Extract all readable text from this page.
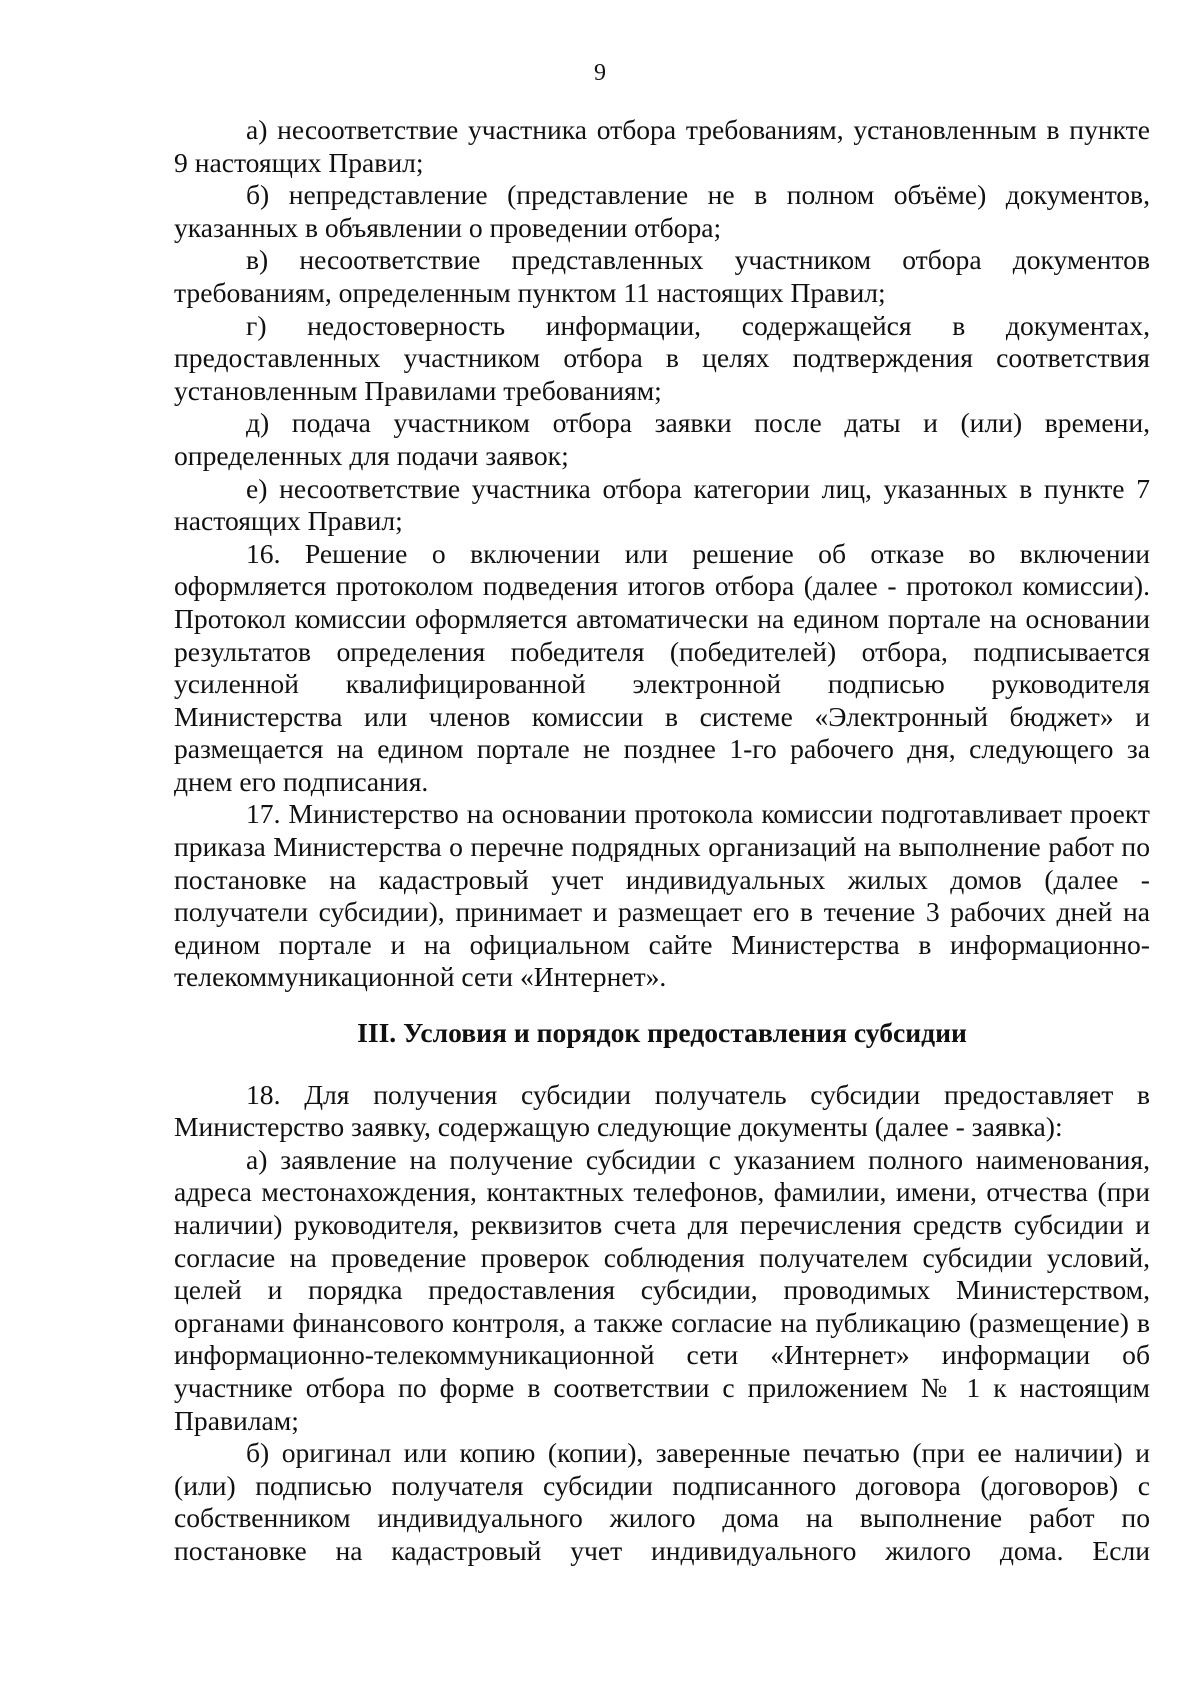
9

а) несоответствие участника отбора требованиям, установленным в пункте 9 настоящих Правил;

б) непредставление (представление не в полном объёме) документов, указанных в объявлении о проведении отбора;

в) несоответствие представленных участником отбора документов требованиям, определенным пунктом 11 настоящих Правил;

г) недостоверность информации, содержащейся в документах, предоставленных участником отбора в целях подтверждения соответствия установленным Правилами требованиям;

д) подача участником отбора заявки после даты и (или) времени, определенных для подачи заявок;

е) несоответствие участника отбора категории лиц, указанных в пункте 7 настоящих Правил;

16. Решение о включении или решение об отказе во включении оформляется протоколом подведения итогов отбора (далее - протокол комиссии). Протокол комиссии оформляется автоматически на едином портале на основании результатов определения победителя (победителей) отбора, подписывается усиленной квалифицированной электронной подписью руководителя Министерства или членов комиссии в системе «Электронный бюджет» и размещается на едином портале не позднее 1-го рабочего дня, следующего за днем его подписания.

17. Министерство на основании протокола комиссии подготавливает проект приказа Министерства о перечне подрядных организаций на выполнение работ по постановке на кадастровый учет индивидуальных жилых домов (далее - получатели субсидии), принимает и размещает его в течение 3 рабочих дней на едином портале и на официальном сайте Министерства в информационно-телекоммуникационной сети «Интернет».

III. Условия и порядок предоставления субсидии

18. Для получения субсидии получатель субсидии предоставляет в Министерство заявку, содержащую следующие документы (далее - заявка):

а) заявление на получение субсидии с указанием полного наименования, адреса местонахождения, контактных телефонов, фамилии, имени, отчества (при наличии) руководителя, реквизитов счета для перечисления средств субсидии и согласие на проведение проверок соблюдения получателем субсидии условий, целей и порядка предоставления субсидии, проводимых Министерством, органами финансового контроля, а также согласие на публикацию (размещение) в информационно-телекоммуникационной сети «Интернет» информации об участнике отбора по форме в соответствии с приложением № 1 к настоящим Правилам;

б) оригинал или копию (копии), заверенные печатью (при ее наличии) и (или) подписью получателя субсидии подписанного договора (договоров) с собственником индивидуального жилого дома на выполнение работ по постановке на кадастровый учет индивидуального жилого дома. Если
